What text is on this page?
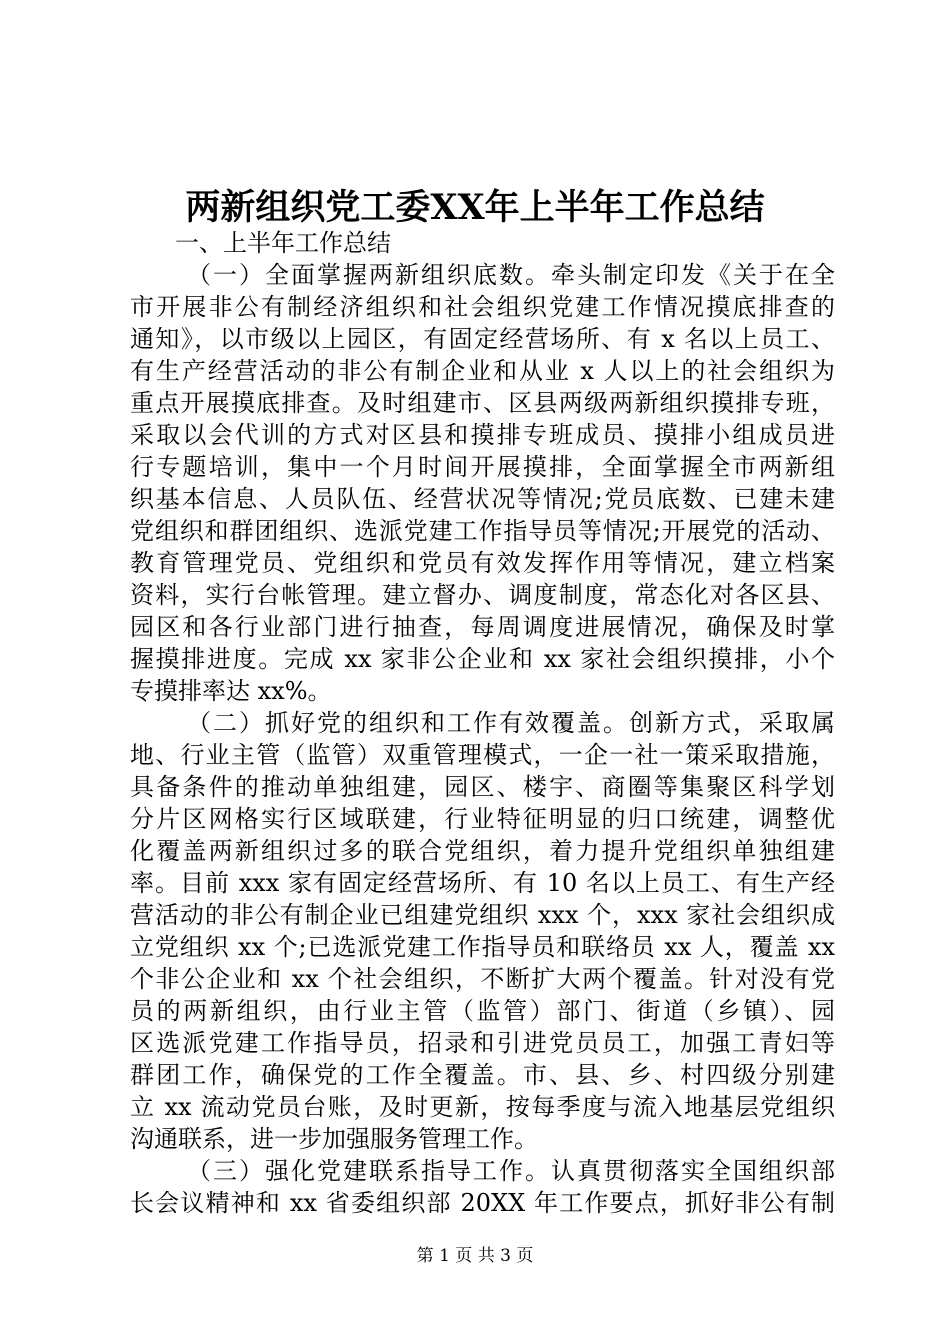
两新组织党工委XX年上半年工作总结
一、上半年工作总结
（一）全面掌握两新组织底数。牵头制定印发《关于在全
市开展非公有制经济组织和社会组织党建工作情况摸底排查的
通知》，以市级以上园区，有固定经营场所、有 x 名以上员工、
有生产经营活动的非公有制企业和从业 x 人以上的社会组织为
重点开展摸底排查。及时组建市、区县两级两新组织摸排专班，
采取以会代训的方式对区县和摸排专班成员、摸排小组成员进
行专题培训，集中一个月时间开展摸排，全面掌握全市两新组
织基本信息、人员队伍、经营状况等情况;党员底数、已建未建
党组织和群团组织、选派党建工作指导员等情况;开展党的活动、
教育管理党员、党组织和党员有效发挥作用等情况，建立档案
资料，实行台帐管理。建立督办、调度制度，常态化对各区县、
园区和各行业部门进行抽查，每周调度进展情况，确保及时掌
握摸排进度。完成 xx 家非公企业和 xx 家社会组织摸排，小个
专摸排率达 xx%。
（二）抓好党的组织和工作有效覆盖。创新方式，采取属
地、行业主管（监管）双重管理模式，一企一社一策采取措施，
具备条件的推动单独组建，园区、楼宇、商圈等集聚区科学划
分片区网格实行区域联建，行业特征明显的归口统建，调整优
化覆盖两新组织过多的联合党组织，着力提升党组织单独组建
率。目前 xxx 家有固定经营场所、有 10 名以上员工、有生产经
营活动的非公有制企业已组建党组织 xxx 个，xxx 家社会组织成
立党组织 xx 个;已选派党建工作指导员和联络员 xx 人，覆盖 xx
个非公企业和 xx 个社会组织，不断扩大两个覆盖。针对没有党
员的两新组织，由行业主管（监管）部门、街道（乡镇）、园
区选派党建工作指导员，招录和引进党员员工，加强工青妇等
群团工作，确保党的工作全覆盖。市、县、乡、村四级分别建
立 xx 流动党员台账，及时更新，按每季度与流入地基层党组织
沟通联系，进一步加强服务管理工作。
（三）强化党建联系指导工作。认真贯彻落实全国组织部
长会议精神和 xx 省委组织部 20XX 年工作要点，抓好非公有制
第 1 页 共 3 页
